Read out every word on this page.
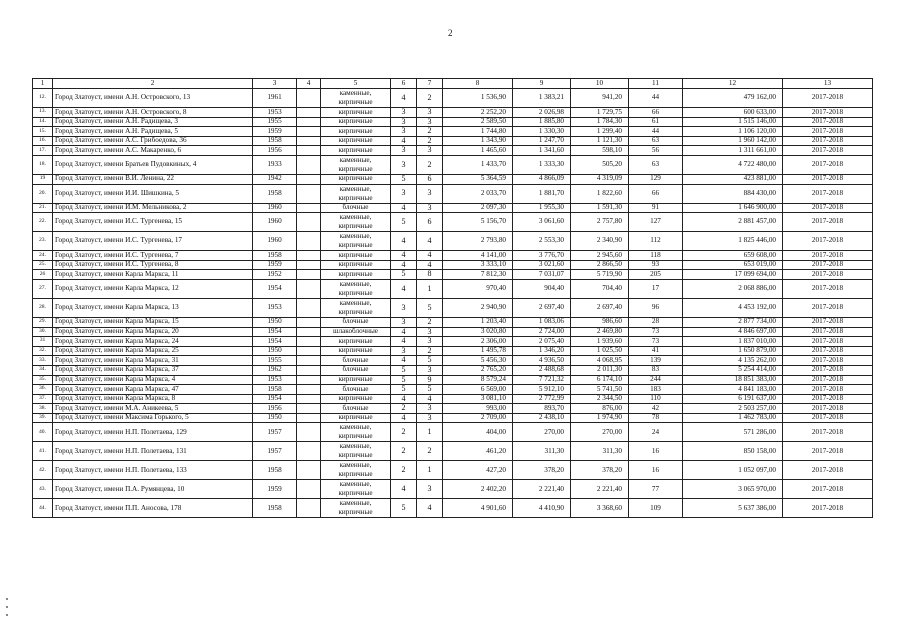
2
1	2	3	4	5	6	7	8	9	10	11	12	13
12.	Город Златоуст, имени А.Н. Островского, 13	1961		каменные, кирпичные	4	2	1 536,90	1 383,21	941,20	44	479 162,00	2017-2018
13.	Город Златоуст, имени А.Н. Островского, 8	1953		кирпичные	3	3	2 252,20	2 026,98	1 729,75	66	600 633,00	2017-2018
14.	Город Златоуст, имени А.Н. Радищева, 3	1955		кирпичные	3	3	2 589,50	1 885,80	1 784,30	61	1 515 146,00	2017-2018
15.	Город Златоуст, имени А.Н. Радищева, 5	1959		кирпичные	3	2	1 744,80	1 330,30	1 299,40	44	1 106 120,00	2017-2018
16.	Город Златоуст, имени А.С. Грибоедова, 36	1958		кирпичные	4	2	1 343,90	1 247,70	1 121,30	63	1 960 142,00	2017-2018
17.	Город Златоуст, имени А.С. Макаренко, 6	1956		кирпичные	3	3	1 465,60	1 341,60	598,10	56	1 311 661,00	2017-2018
18.	Город Златоуст, имени Братьев Пудовкиных, 4	1933		каменные, кирпичные	3	2	1 433,70	1 333,30	505,20	63	4 722 480,00	2017-2018
19	Город Златоуст, имени В.И. Ленина, 22	1942		кирпичные	5	6	5 364,59	4 866,09	4 319,09	129	423 881,00	2017-2018
20.	Город Златоуст, имени И.И. Шишкина, 5	1958		каменные, кирпичные	3	3	2 033,70	1 881,70	1 822,60	66	884 430,00	2017-2018
21.	Город Златоуст, имени И.М. Мельникова, 2	1960		блочные	4	3	2 097,30	1 955,30	1 591,30	91	1 646 900,00	2017-2018
22.	Город Златоуст, имени И.С. Тургенева, 15	1960		каменные, кирпичные	5	6	5 156,70	3 061,60	2 757,80	127	2 881 457,00	2017-2018
23.	Город Златоуст, имени И.С. Тургенева, 17	1960		каменные, кирпичные	4	4	2 793,80	2 553,30	2 340,90	112	1 825 446,00	2017-2018
24.	Город Златоуст, имени И.С. Тургенева, 7	1958		кирпичные	4	4	4 141,00	3 776,70	2 945,60	118	659 608,00	2017-2018
25.	Город Златоуст, имени И.С. Тургенева, 8	1959		кирпичные	4	4	3 333,10	3 021,60	2 866,50	93	653 019,00	2017-2018
26	Город Златоуст, имени Карла Маркса, 11	1952		кирпичные	5	8	7 812,30	7 031,07	5 719,90	205	17 099 694,00	2017-2018
27.	Город Златоуст, имени Карла Маркса, 12	1954		каменные, кирпичные	4	1	970,40	904,40	704,40	17	2 068 886,00	2017-2018
28.	Город Златоуст, имени Карла Маркса, 13	1953		каменные, кирпичные	3	5	2 940,90	2 697,40	2 697,40	96	4 453 192,00	2017-2018
29.	Город Златоуст, имени Карла Маркса, 15	1950		блочные	3	2	1 203,40	1 083,06	986,60	28	2 877 734,00	2017-2018
30.	Город Златоуст, имени Карла Маркса, 20	1954		шлакоблочные	4	3	3 020,80	2 724,00	2 469,80	73	4 846 697,00	2017-2018
31	Город Златоуст, имени Карла Маркса, 24	1954		кирпичные	4	3	2 306,00	2 075,40	1 939,60	73	1 837 010,00	2017-2018
32.	Город Златоуст, имени Карла Маркса, 25	1950		кирпичные	3	2	1 495,78	1 346,20	1 025,50	41	1 650 879,00	2017-2018
33.	Город Златоуст, имени Карла Маркса, 31	1955		блочные	4	5	5 456,30	4 936,50	4 068,95	139	4 135 262,00	2017-2018
34.	Город Златоуст, имени Карла Маркса, 37	1962		блочные	5	3	2 765,20	2 488,68	2 011,30	83	5 254 414,00	2017-2018
35.	Город Златоуст, имени Карла Маркса, 4	1953		кирпичные	5	9	8 579,24	7 721,32	6 174,10	244	18 851 383,00	2017-2018
36.	Город Златоуст, имени Карла Маркса, 47	1958		блочные	5	5	6 569,00	5 912,10	5 741,50	183	4 841 183,00	2017-2018
37.	Город Златоуст, имени Карла Маркса, 8	1954		кирпичные	4	4	3 081,10	2 772,99	2 344,50	110	6 191 637,00	2017-2018
38.	Город Златоуст, имени М.А. Аникеева, 5	1956		блочные	2	3	993,00	893,70	876,00	42	2 503 257,00	2017-2018
39.	Город Златоуст, имени Максима Горького, 5	1950		кирпичные	4	3	2 709,00	2 438,10	1 974,90	78	1 462 783,00	2017-2018
40.	Город Златоуст, имени Н.П. Полетаева, 129	1957		каменные, кирпичные	2	1	404,00	270,00	270,00	24	571 286,00	2017-2018
41.	Город Златоуст, имени Н.П. Полетаева, 131	1957		каменные, кирпичные	2	2	461,20	311,30	311,30	16	850 158,00	2017-2018
42.	Город Златоуст, имени Н.П. Полетаева, 133	1958		каменные, кирпичные	2	1	427,20	378,20	378,20	16	1 052 097,00	2017-2018
43.	Город Златоуст, имени П.А. Румянцева, 10	1959		каменные, кирпичные	4	3	2 402,20	2 221,40	2 221,40	77	3 065 970,00	2017-2018
44.	Город Златоуст, имени П.П. Аносова, 178	1958		каменные, кирпичные	5	4	4 901,60	4 410,90	3 368,60	109	5 637 386,00	2017-2018
